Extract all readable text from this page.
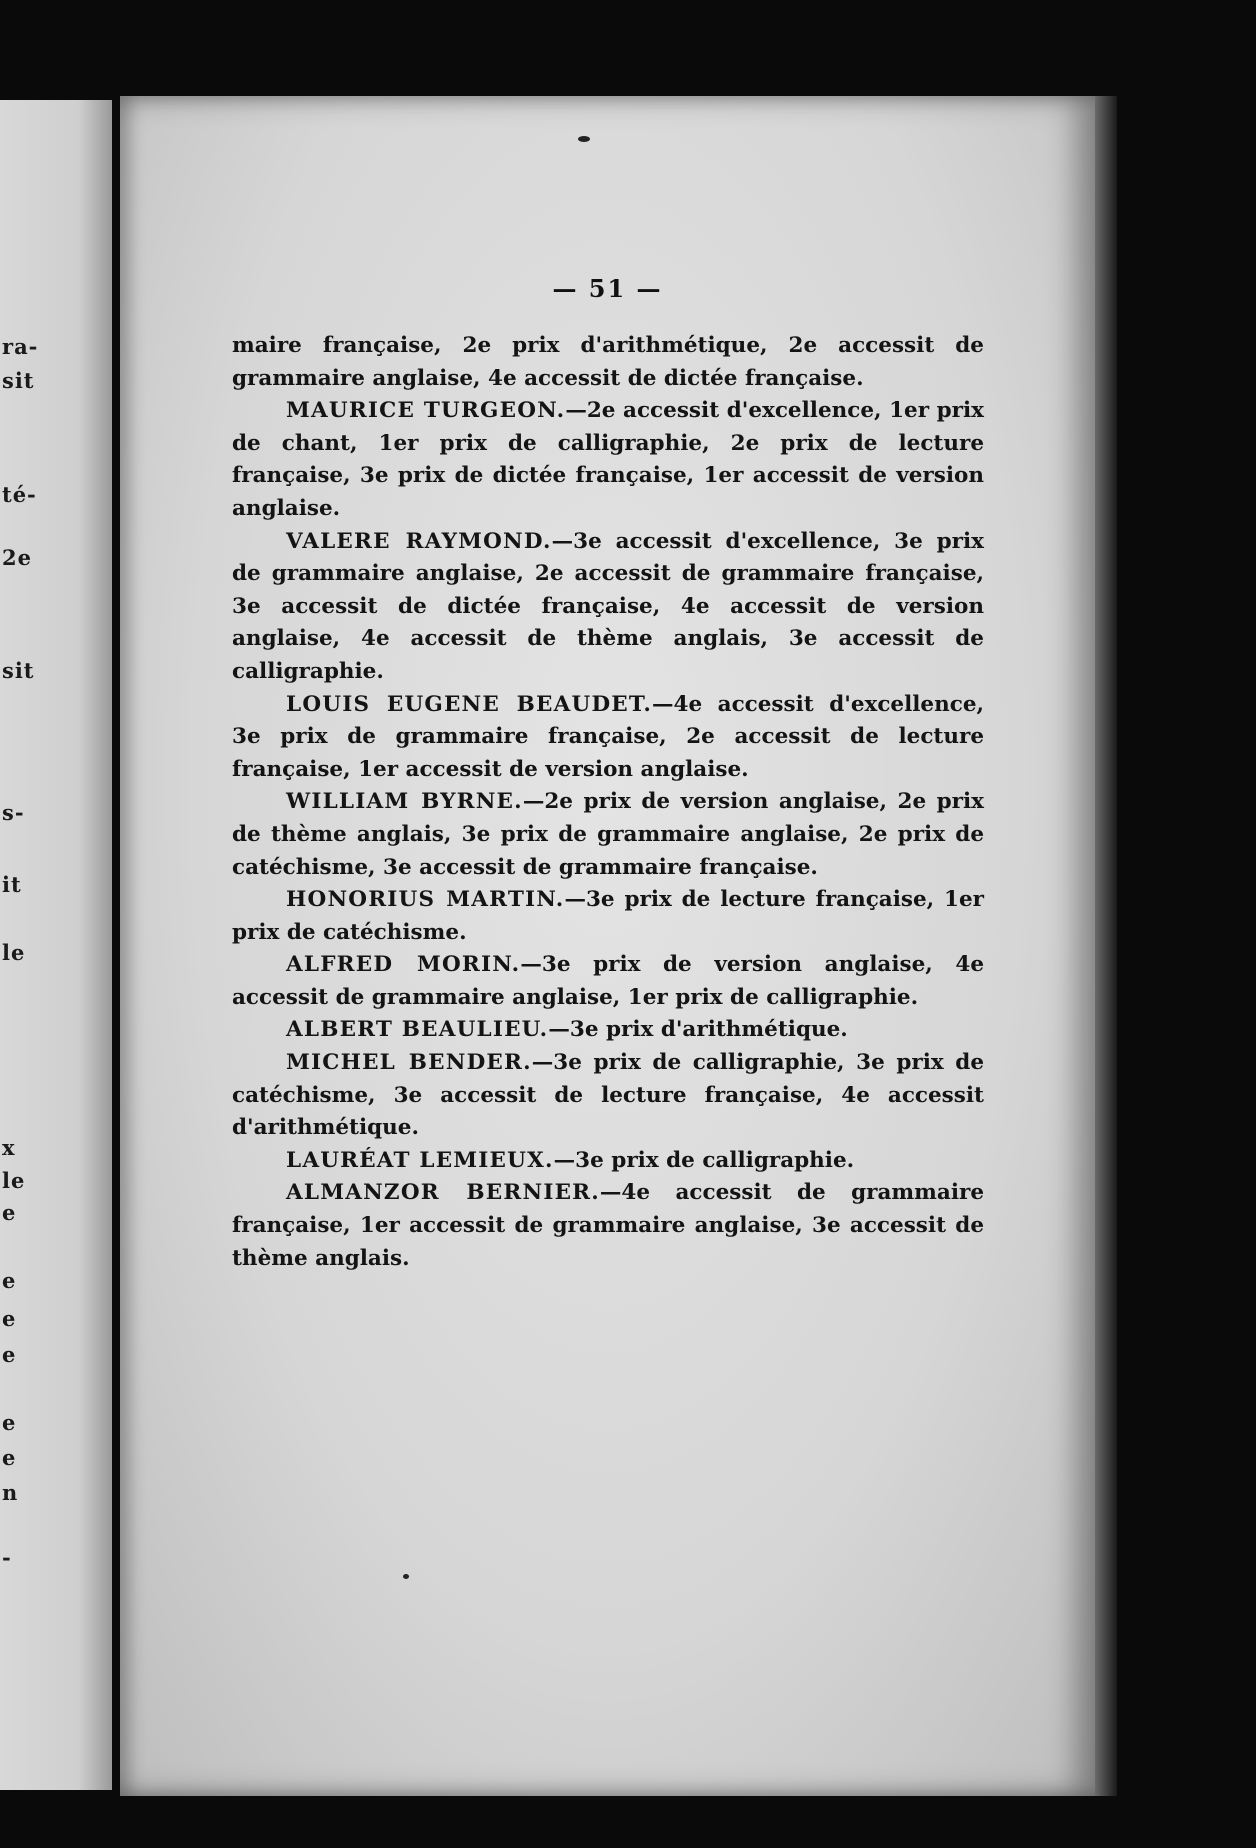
ra-
sit
té-
2e
sit
s-
it
le
x
le
e
e
e
e
e
e
n
-
— 51 —

maire française, 2e prix d'arithmétique, 2e accessit de grammaire anglaise, 4e accessit de dictée française.

MAURICE TURGEON.—2e accessit d'excellence, 1er prix de chant, 1er prix de calligraphie, 2e prix de lecture française, 3e prix de dictée française, 1er accessit de version anglaise.

VALERE RAYMOND.—3e accessit d'excellence, 3e prix de grammaire anglaise, 2e accessit de grammaire française, 3e accessit de dictée française, 4e accessit de version anglaise, 4e accessit de thème anglais, 3e accessit de calligraphie.

LOUIS EUGENE BEAUDET.—4e accessit d'excellence, 3e prix de grammaire française, 2e accessit de lecture française, 1er accessit de version anglaise.

WILLIAM BYRNE.—2e prix de version anglaise, 2e prix de thème anglais, 3e prix de grammaire anglaise, 2e prix de catéchisme, 3e accessit de grammaire française.

HONORIUS MARTIN.—3e prix de lecture française, 1er prix de catéchisme.

ALFRED MORIN.—3e prix de version anglaise, 4e accessit de grammaire anglaise, 1er prix de calligraphie.

ALBERT BEAULIEU.—3e prix d'arithmétique.

MICHEL BENDER.—3e prix de calligraphie, 3e prix de catéchisme, 3e accessit de lecture française, 4e accessit d'arithmétique.

LAURÉAT LEMIEUX.—3e prix de calligraphie.

ALMANZOR BERNIER.—4e accessit de grammaire française, 1er accessit de grammaire anglaise, 3e accessit de thème anglais.
